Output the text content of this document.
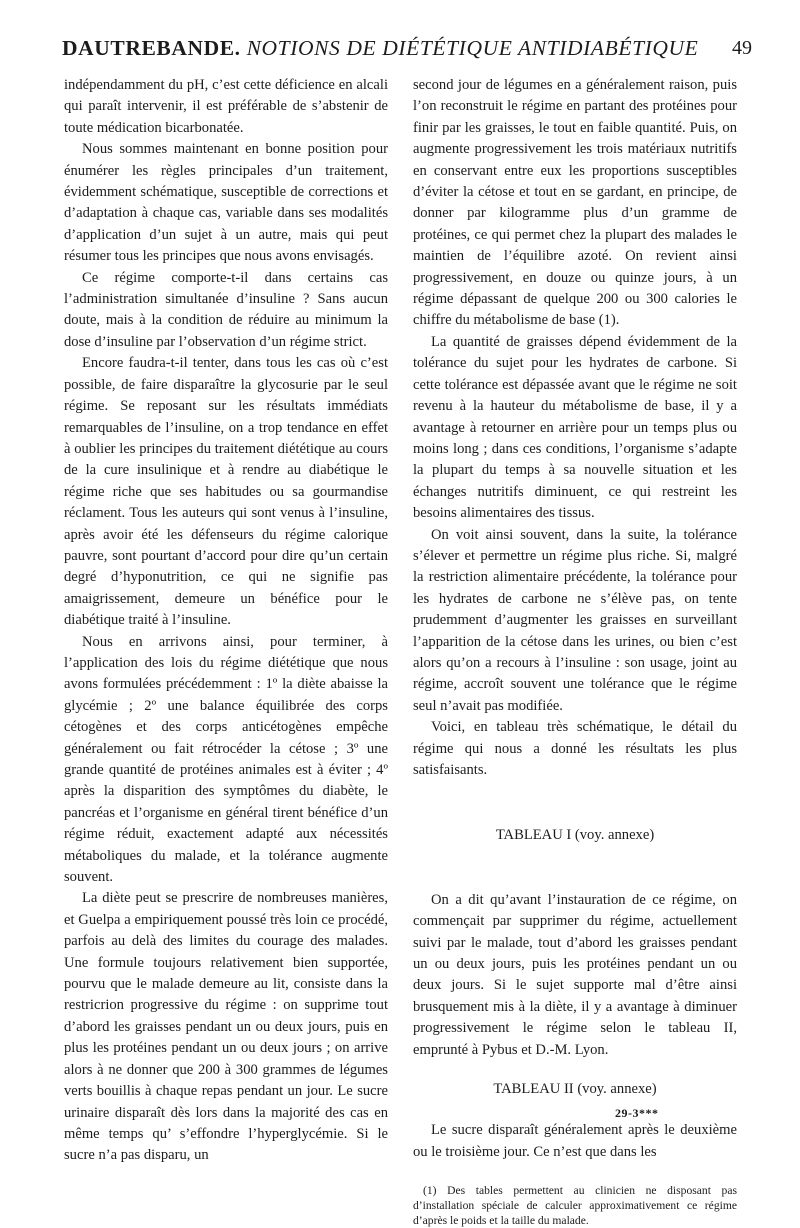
DAUTREBANDE. NOTIONS DE DIÉTÉTIQUE ANTIDIABÉTIQUE 49

indépendamment du pH, c’est cette déficience en alcali qui paraît intervenir, il est préférable de s’abstenir de toute médication bicarbonatée.

Nous sommes maintenant en bonne position pour énumérer les règles principales d’un traitement, évidemment schématique, susceptible de corrections et d’adaptation à chaque cas, variable dans ses modalités d’application d’un sujet à un autre, mais qui peut résumer tous les principes que nous avons envisagés.

Ce régime comporte-t-il dans certains cas l’administration simultanée d’insuline ? Sans aucun doute, mais à la condition de réduire au minimum la dose d’insuline par l’observation d’un régime strict.

Encore faudra-t-il tenter, dans tous les cas où c’est possible, de faire disparaître la glycosurie par le seul régime. Se reposant sur les résultats immédiats remarquables de l’insuline, on a trop tendance en effet à oublier les principes du traitement diététique au cours de la cure insulinique et à rendre au diabétique le régime riche que ses habitudes ou sa gourmandise réclament. Tous les auteurs qui sont venus à l’insuline, après avoir été les défenseurs du régime calorique pauvre, sont pourtant d’accord pour dire qu’un certain degré d’hyponutrition, ce qui ne signifie pas amaigrissement, demeure un bénéfice pour le diabétique traité à l’insuline.

Nous en arrivons ainsi, pour terminer, à l’application des lois du régime diététique que nous avons formulées précédemment : 1º la diète abaisse la glycémie ; 2º une balance équilibrée des corps cétogènes et des corps anticétogènes empêche généralement ou fait rétrocéder la cétose ; 3º une grande quantité de protéines animales est à éviter ; 4º après la disparition des symptômes du diabète, le pancréas et l’organisme en général tirent bénéfice d’un régime réduit, exactement adapté aux nécessités métaboliques du malade, et la tolérance augmente souvent.

La diète peut se prescrire de nombreuses manières, et Guelpa a empiriquement poussé très loin ce procédé, parfois au delà des limites du courage des malades. Une formule toujours relativement bien supportée, pourvu que le malade demeure au lit, consiste dans la restricrion progressive du régime : on supprime tout d’abord les graisses pendant un ou deux jours, puis en plus les protéines pendant un ou deux jours ; on arrive alors à ne donner que 200 à 300 grammes de légumes verts bouillis à chaque repas pendant un jour. Le sucre urinaire disparaît dès lors dans la majorité des cas en même temps qu’ s’effondre l’hyperglycémie. Si le sucre n’a pas disparu, un

second jour de légumes en a généralement raison, puis l’on reconstruit le régime en partant des protéines pour finir par les graisses, le tout en faible quantité. Puis, on augmente progressivement les trois matériaux nutritifs en conservant entre eux les proportions susceptibles d’éviter la cétose et tout en se gardant, en principe, de donner par kilogramme plus d’un gramme de protéines, ce qui permet chez la plupart des malades le maintien de l’équilibre azoté. On revient ainsi progressivement, en douze ou quinze jours, à un régime dépassant de quelque 200 ou 300 calories le chiffre du métabolisme de base (1).

La quantité de graisses dépend évidemment de la tolérance du sujet pour les hydrates de carbone. Si cette tolérance est dépassée avant que le régime ne soit revenu à la hauteur du métabolisme de base, il y a avantage à retourner en arrière pour un temps plus ou moins long ; dans ces conditions, l’organisme s’adapte la plupart du temps à sa nouvelle situation et les échanges nutritifs diminuent, ce qui restreint les besoins alimentaires des tissus.

On voit ainsi souvent, dans la suite, la tolérance s’élever et permettre un régime plus riche. Si, malgré la restriction alimentaire précédente, la tolérance pour les hydrates de carbone ne s’élève pas, on tente prudemment d’augmenter les graisses en surveillant l’apparition de la cétose dans les urines, ou bien c’est alors qu’on a recours à l’insuline : son usage, joint au régime, accroît souvent une tolérance que le régime seul n’avait pas modifiée.

Voici, en tableau très schématique, le détail du régime qui nous a donné les résultats les plus satisfaisants.

TABLEAU I (voy. annexe)

On a dit qu’avant l’instauration de ce régime, on commençait par supprimer du régime, actuellement suivi par le malade, tout d’abord les graisses pendant un ou deux jours, puis les protéines pendant un ou deux jours. Si le sujet supporte mal d’être ainsi brusquement mis à la diète, il y a avantage à diminuer progressivement le régime selon le tableau II, emprunté à Pybus et D.-M. Lyon.

TABLEAU II (voy. annexe)

Le sucre disparaît généralement après le deuxième ou le troisième jour. Ce n’est que dans les

(1) Des tables permettent au clinicien ne disposant pas d’installation spéciale de calculer approximativement ce régime d’après le poids et la taille du malade.

29-3***
